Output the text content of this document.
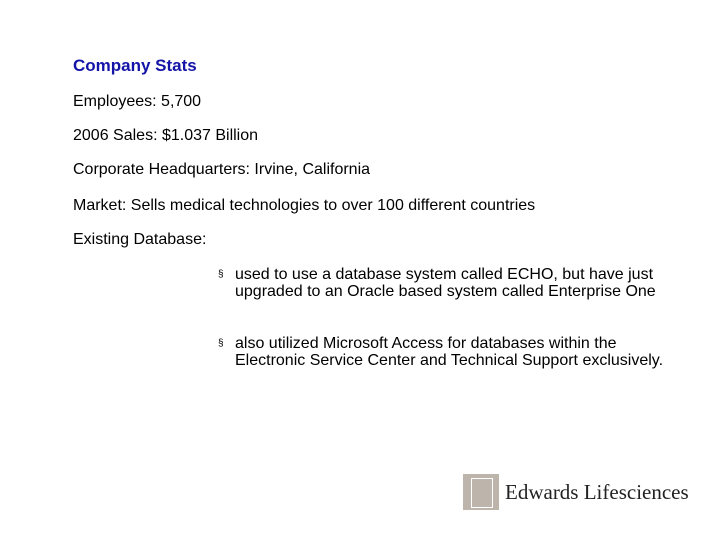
Company Stats
Employees: 5,700
2006 Sales: $1.037 Billion
Corporate Headquarters: Irvine, California
Market: Sells medical technologies to over 100 different countries
Existing Database:
§ used to use a database system called ECHO, but have just upgraded to an Oracle based system called Enterprise One
§ also utilized Microsoft Access for databases within the Electronic Service Center and Technical Support exclusively.
Edwards Lifesciences
